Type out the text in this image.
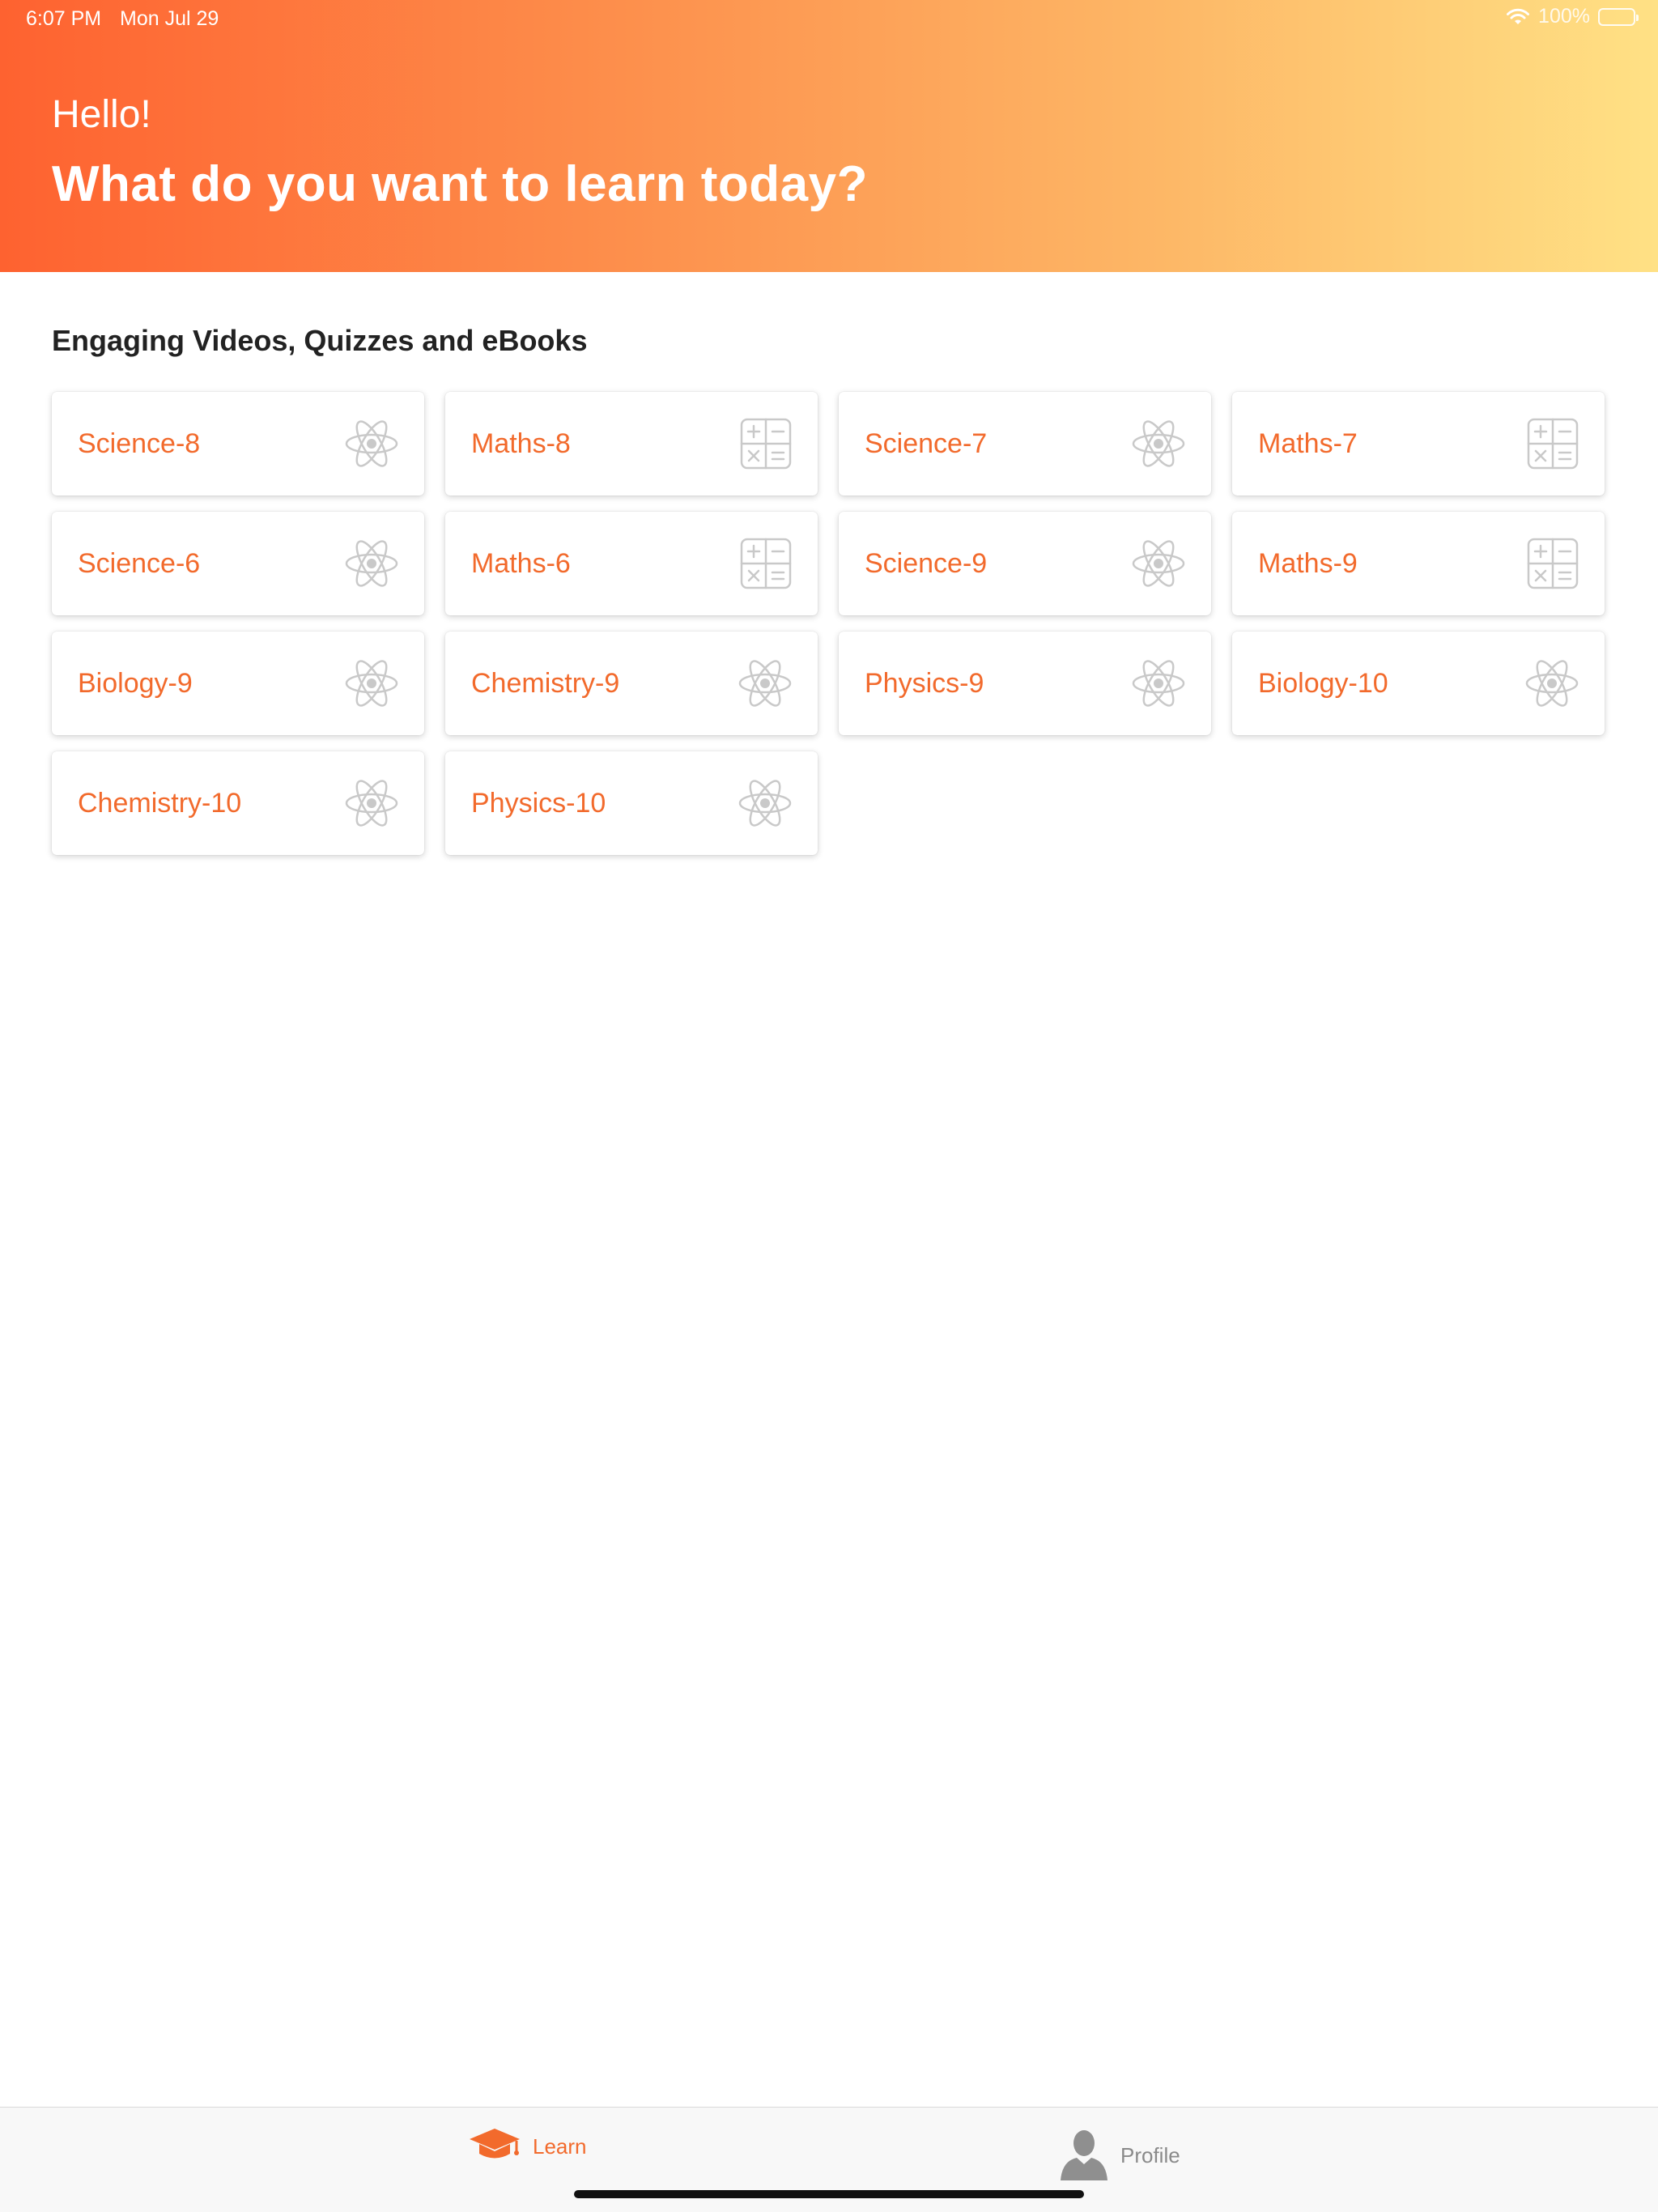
6:07 PM Mon Jul 29	100%
Hello!
What do you want to learn today?
Engaging Videos, Quizzes and eBooks
Science-8	Maths-8	Science-7	Maths-7
Science-6	Maths-6	Science-9	Maths-9
Biology-9	Chemistry-9	Physics-9	Biology-10
Chemistry-10	Physics-10
Learn	Profile
